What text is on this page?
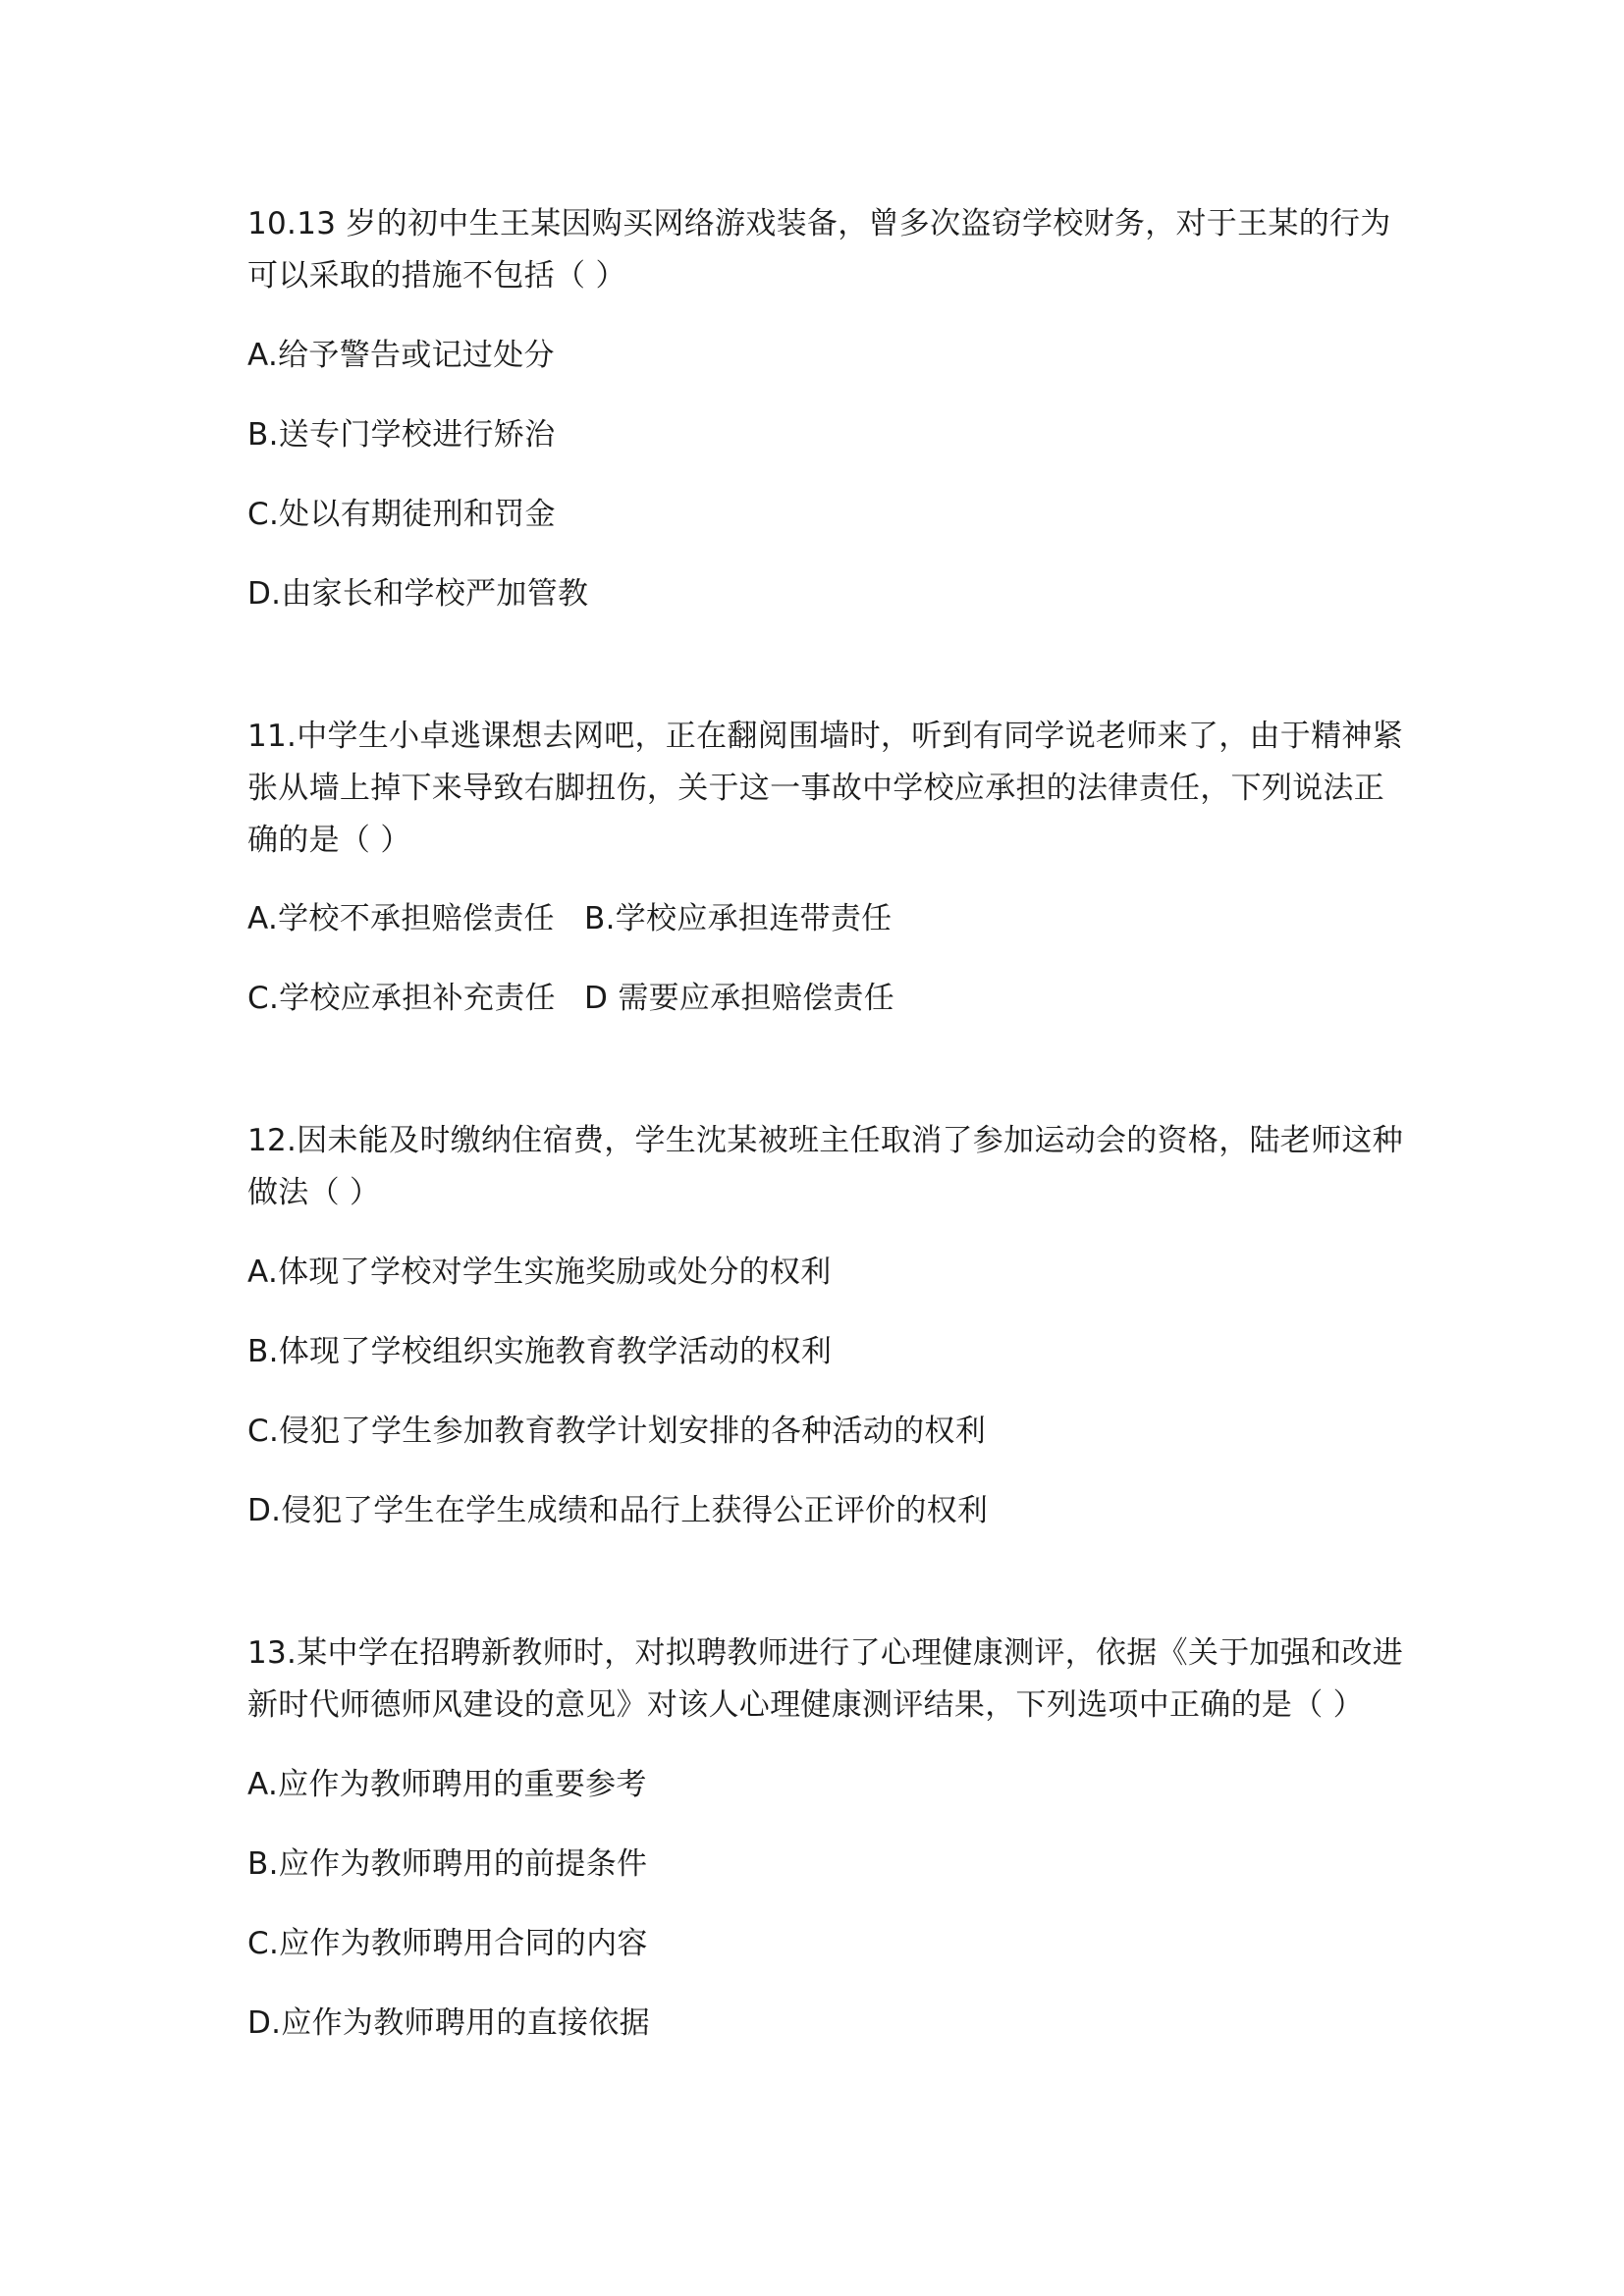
10.13 岁的初中生王某因购买网络游戏装备，曾多次盗窃学校财务，对于王某的行为
可以采取的措施不包括（ ）
A.给予警告或记过处分
B.送专门学校进行矫治
C.处以有期徒刑和罚金
D.由家长和学校严加管教
11.中学生小卓逃课想去网吧，正在翻阅围墙时，听到有同学说老师来了，由于精神紧
张从墙上掉下来导致右脚扭伤，关于这一事故中学校应承担的法律责任，下列说法正
确的是（ ）
A.学校不承担赔偿责任 B.学校应承担连带责任
C.学校应承担补充责任 D 需要应承担赔偿责任
12.因未能及时缴纳住宿费，学生沈某被班主任取消了参加运动会的资格，陆老师这种
做法（ ）
A.体现了学校对学生实施奖励或处分的权利
B.体现了学校组织实施教育教学活动的权利
C.侵犯了学生参加教育教学计划安排的各种活动的权利
D.侵犯了学生在学生成绩和品行上获得公正评价的权利
13.某中学在招聘新教师时，对拟聘教师进行了心理健康测评，依据《关于加强和改进
新时代师德师风建设的意见》对该人心理健康测评结果，下列选项中正确的是（ ）
A.应作为教师聘用的重要参考
B.应作为教师聘用的前提条件
C.应作为教师聘用合同的内容
D.应作为教师聘用的直接依据
